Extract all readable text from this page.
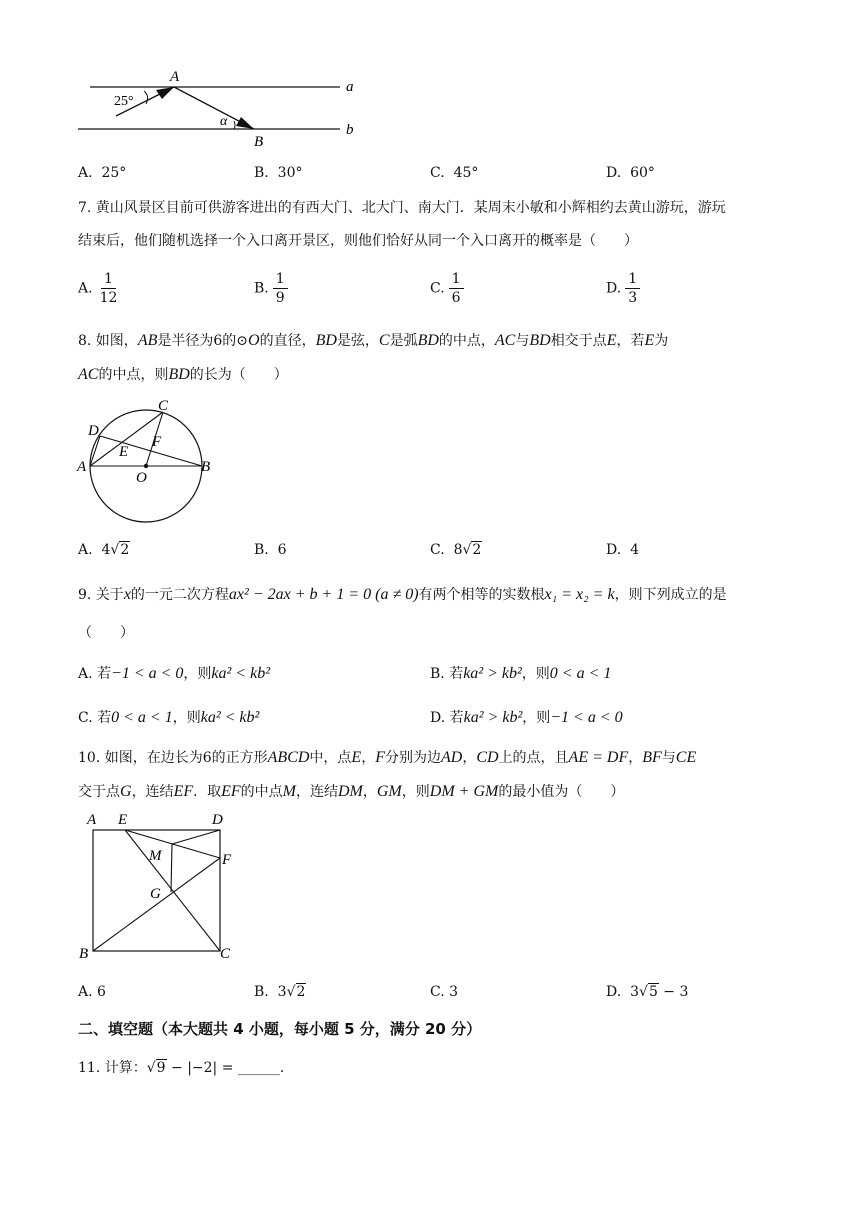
25°
A
α
B
a
b
A. 25°	B. 30°	C. 45°	D. 60°
7. 黄山风景区目前可供游客进出的有西大门、北大门、南大门．某周末小敏和小辉相约去黄山游玩，游玩
结束后，他们随机选择一个入口离开景区，则他们恰好从同一个入口离开的概率是（　　）
A. $\frac{1}{12}$	B. $\frac{1}{9}$	C. $\frac{1}{6}$	D. $\frac{1}{3}$
8. 如图，AB是半径为6的⊙O的直径，BD是弦，C是弧BD的中点，AC与BD相交于点E，若E为
AC的中点，则BD的长为（　　）
C
D
E
F
A
O
B
A. 4√2	B. 6	C. 8√2	D. 4
9. 关于x的一元二次方程ax² − 2ax + b + 1 = 0 (a ≠ 0)有两个相等的实数根x₁ = x₂ = k，则下列成立的是
（　　）
A. 若−1 < a < 0，则ka² < kb²	B. 若ka² > kb²，则0 < a < 1
C. 若0 < a < 1，则ka² < kb²	D. 若ka² > kb²，则−1 < a < 0
10. 如图，在边长为6的正方形ABCD中，点E，F分别为边AD，CD上的点，且AE = DF，BF与CE
交于点G，连结EF．取EF的中点M，连结DM，GM，则DM + GM的最小值为（　　）
A E	D
M	F
G
B	C
A. 6	B. 3√2	C. 3	D. 3√5 − 3
二、填空题（本大题共 4 小题，每小题 5 分，满分 20 分）
11. 计算：√9 − |−2| = ______．
